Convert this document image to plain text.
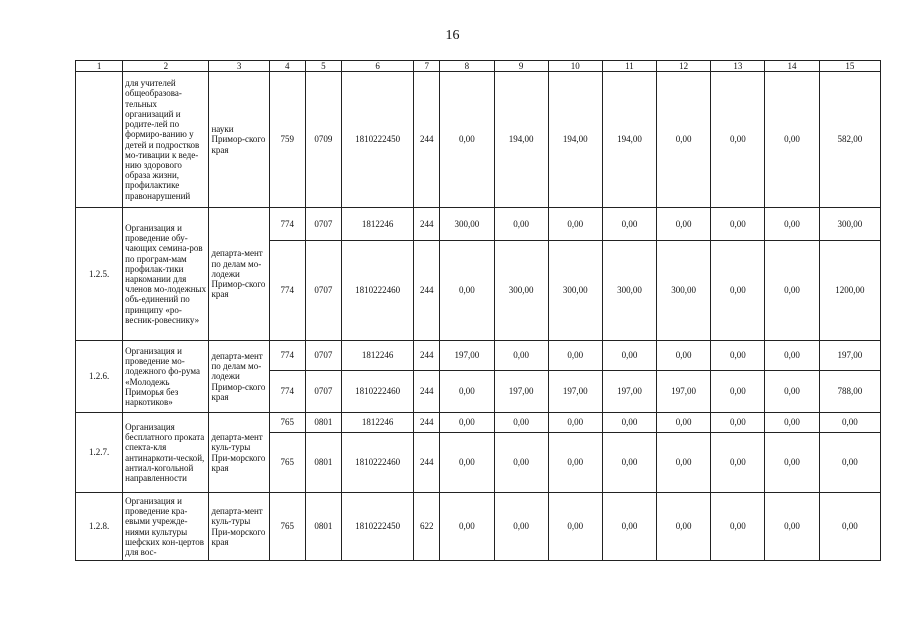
16
1	2	3	4	5	6	7	8	9	10	11	12	13	14	15
	для учителей общеобразова-тельных организаций и родите-лей по формиро-ванию у детей и подростков мо-тивации к веде-нию здорового образа жизни, профилактике правонарушений	науки Примор-ского края	759	0709	1810222450	244	0,00	194,00	194,00	194,00	0,00	0,00	0,00	582,00
1.2.5.	Организация и проведение обу-чающих семина-ров по програм-мам профилак-тики наркомании для членов мо-лодежных объ-единений по принципу «ро-весник-ровеснику»	департа-мент по делам мо-лодежи Примор-ского края	774	0707	1812246	244	300,00	0,00	0,00	0,00	0,00	0,00	0,00	300,00
			774	0707	1810222460	244	0,00	300,00	300,00	300,00	300,00	0,00	0,00	1200,00
1.2.6.	Организация и проведение мо-лодежного фо-рума «Молодежь Приморья без наркотиков»	департа-мент по делам мо-лодежи Примор-ского края	774	0707	1812246	244	197,00	0,00	0,00	0,00	0,00	0,00	0,00	197,00
			774	0707	1810222460	244	0,00	197,00	197,00	197,00	197,00	0,00	0,00	788,00
1.2.7.	Организация бесплатного проката спекта-кля антинаркоти-ческой, антиал-когольной направленности	департа-мент куль-туры При-морского края	765	0801	1812246	244	0,00	0,00	0,00	0,00	0,00	0,00	0,00	0,00
			765	0801	1810222460	244	0,00	0,00	0,00	0,00	0,00	0,00	0,00	0,00
1.2.8.	Организация и проведение кра-евыми учрежде-ниями культуры шефских кон-цертов для вос-	департа-мент куль-туры При-морского края	765	0801	1810222450	622	0,00	0,00	0,00	0,00	0,00	0,00	0,00	0,00
